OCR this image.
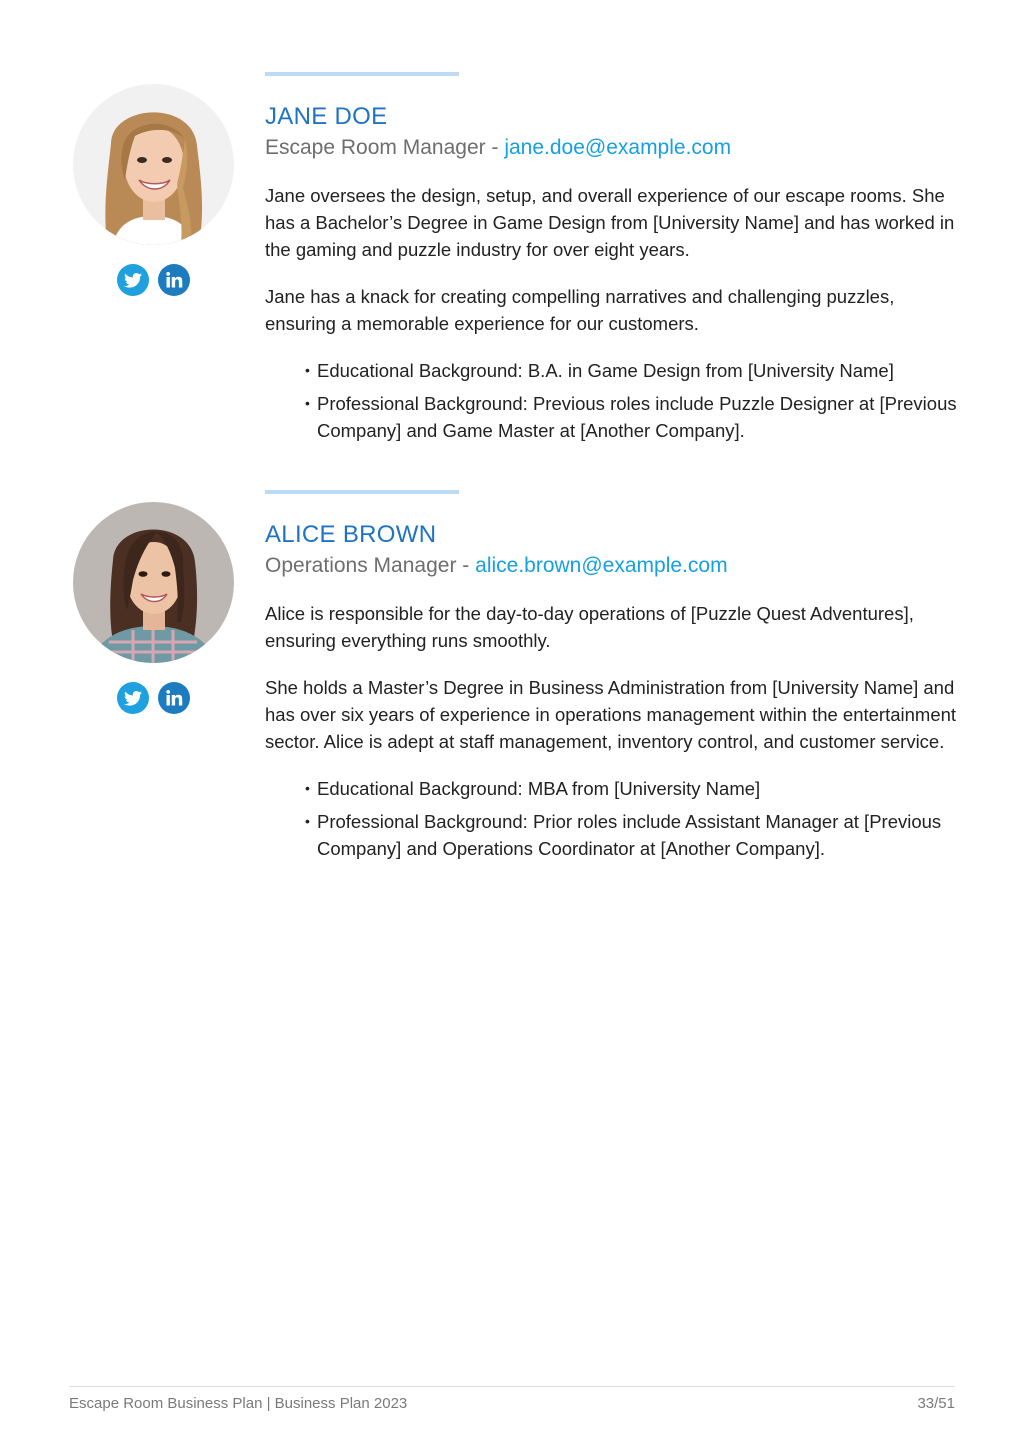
JANE DOE
Escape Room Manager - jane.doe@example.com

Jane oversees the design, setup, and overall experience of our escape rooms. She has a Bachelor’s Degree in Game Design from [University Name] and has worked in the gaming and puzzle industry for over eight years.

Jane has a knack for creating compelling narratives and challenging puzzles, ensuring a memorable experience for our customers.

• Educational Background: B.A. in Game Design from [University Name]
• Professional Background: Previous roles include Puzzle Designer at [Previous Company] and Game Master at [Another Company].
ALICE BROWN
Operations Manager - alice.brown@example.com

Alice is responsible for the day-to-day operations of [Puzzle Quest Adventures], ensuring everything runs smoothly.

She holds a Master’s Degree in Business Administration from [University Name] and has over six years of experience in operations management within the entertainment sector. Alice is adept at staff management, inventory control, and customer service.

• Educational Background: MBA from [University Name]
• Professional Background: Prior roles include Assistant Manager at [Previous Company] and Operations Coordinator at [Another Company].
Escape Room Business Plan | Business Plan 2023	33/51
